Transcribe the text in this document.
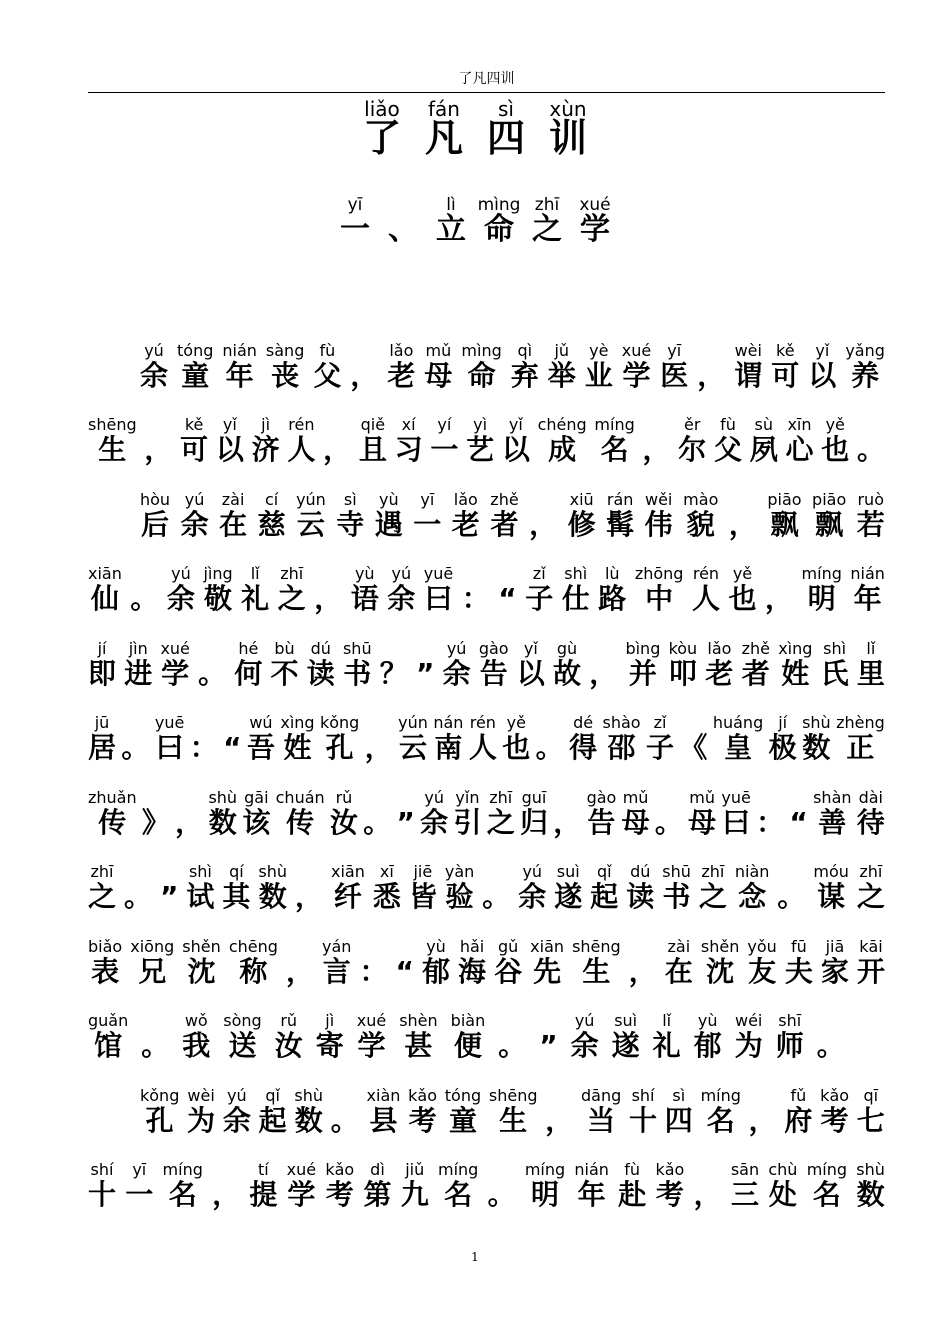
了凡四训
liǎo
了
fán
凡
sì
四
xùn
训
yī
一 、
lì
立
mìng
命
zhī
之
xué
学
yú
余
tóng
童
nián
年
sàng
丧
fù
父 ，
lǎo
老
mǔ
母
mìng
命
qì
弃
jǔ
举
yè
业
xué
学
yī
医 ，
wèi
谓
kě
可
yǐ
以
yǎng
养
shēng
生 ，
kě
可
yǐ
以
jì
济
rén
人 ，
qiě
且
xí
习
yí
一
yì
艺
yǐ
以
chéng
成
míng
名 ，
ěr
尔
fù
父
sù
夙
xīn
心
yě
也 。
hòu
后
yú
余
zài
在
cí
慈
yún
云
sì
寺
yù
遇
yī
一
lǎo
老
zhě
者 ，
xiū
修
rán
髯
wěi
伟
mào
貌 ，
piāo
飘
piāo
飘
ruò
若
xiān
仙 。
yú
余
jìng
敬
lǐ
礼
zhī
之 ，
yù
语
yú
余
yuē
曰 ： “
zǐ
子
shì
仕
lù
路
zhōng
中
rén
人
yě
也 ，
míng
明
nián
年
jí
即
jìn
进
xué
学 。
hé
何
bù
不
dú
读
shū
书 ？ ”
yú
余
gào
告
yǐ
以
gù
故 ，
bìng
并
kòu
叩
lǎo
老
zhě
者
xìng
姓
shì
氏
lǐ
里
jū
居 。
yuē
曰 ： “
wú
吾
xìng
姓
kǒng
孔 ，
yún
云
nán
南
rén
人
yě
也 。
dé
得
shào
邵
zǐ
子 《
huáng
皇
jí
极
shù
数
zhèng
正
zhuǎn
传 》 ，
shù
数
gāi
该
chuán
传
rǔ
汝 。 ”
yú
余
yǐn
引
zhī
之
guī
归 ，
gào
告
mǔ
母 。
mǔ
母
yuē
曰 ： “
shàn
善
dài
待
zhī
之 。 ”
shì
试
qí
其
shù
数 ，
xiān
纤
xī
悉
jiē
皆
yàn
验 。
yú
余
suì
遂
qǐ
起
dú
读
shū
书
zhī
之
niàn
念 。
móu
谋
zhī
之
biǎo
表
xiōng
兄
shěn
沈
chēng
称 ，
yán
言 ： “
yù
郁
hǎi
海
gǔ
谷
xiān
先
shēng
生 ，
zài
在
shěn
沈
yǒu
友
fū
夫
jiā
家
kāi
开
guǎn
馆 。
wǒ
我
sòng
送
rǔ
汝
jì
寄
xué
学
shèn
甚
biàn
便 。 ”
yú
余
suì
遂
lǐ
礼
yù
郁
wéi
为
shī
师 。
kǒng
孔
wèi
为
yú
余
qǐ
起
shù
数 。
xiàn
县
kǎo
考
tóng
童
shēng
生 ，
dāng
当
shí
十
sì
四
míng
名 ，
fǔ
府
kǎo
考
qī
七
shí
十
yī
一
míng
名 ，
tí
提
xué
学
kǎo
考
dì
第
jiǔ
九
míng
名 。
míng
明
nián
年
fù
赴
kǎo
考 ，
sān
三
chù
处
míng
名
shù
数
1
